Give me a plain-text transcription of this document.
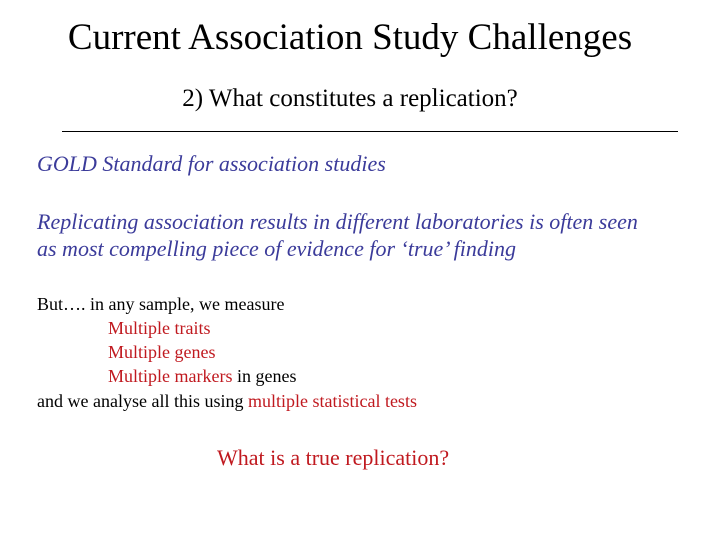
Current Association Study Challenges
2) What constitutes a replication?
GOLD Standard for association studies
Replicating association results in different laboratories is often seen
as most compelling piece of evidence for ‘true’ finding
But…. in any sample, we measure
Multiple traits
Multiple genes
Multiple markers in genes
and we analyse all this using multiple statistical tests
What is a true replication?
